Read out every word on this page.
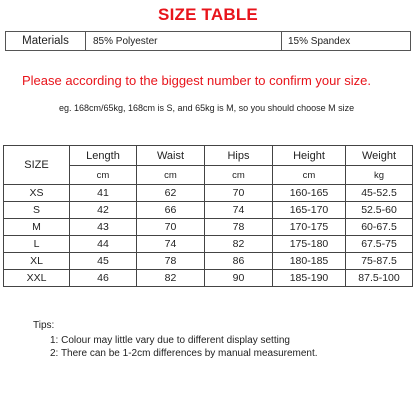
SIZE TABLE
Materials	85% Polyester	15% Spandex
Please according to the biggest number to confirm your size.
eg. 168cm/65kg, 168cm is S, and 65kg is M, so you should choose M size
SIZE	Length	Waist	Hips	Height	Weight
	cm	cm	cm	cm	kg
XS	41	62	70	160-165	45-52.5
S	42	66	74	165-170	52.5-60
M	43	70	78	170-175	60-67.5
L	44	74	82	175-180	67.5-75
XL	45	78	86	180-185	75-87.5
XXL	46	82	90	185-190	87.5-100
Tips:
1: Colour may little vary due to different display setting
2: There can be 1-2cm differences by manual measurement.
